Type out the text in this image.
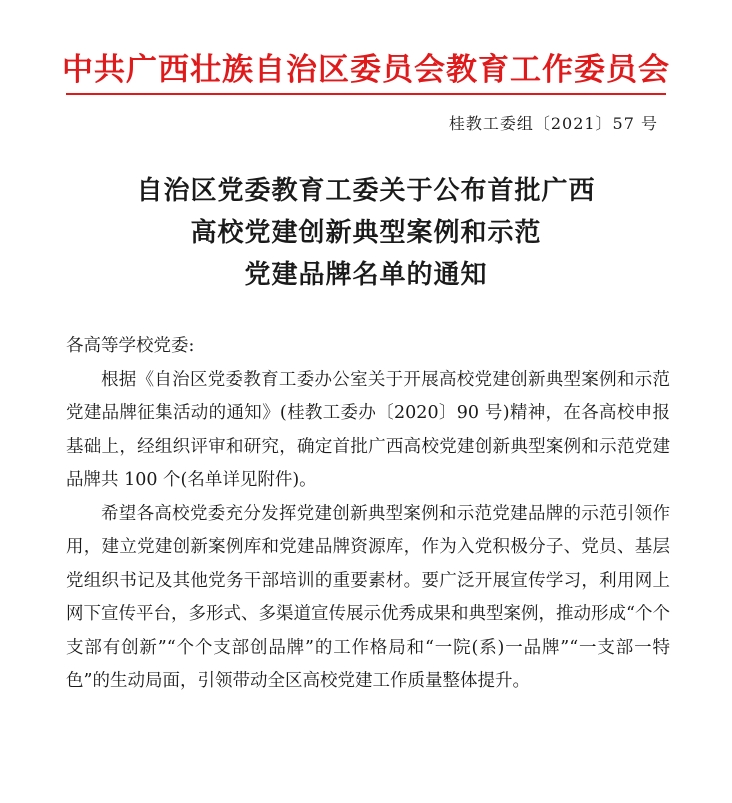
中共广西壮族自治区委员会教育工作委员会
桂教工委组〔2021〕57 号
自治区党委教育工委关于公布首批广西
高校党建创新典型案例和示范
党建品牌名单的通知

各高等学校党委:

根据《自治区党委教育工委办公室关于开展高校党建创新典型案例和示范党建品牌征集活动的通知》(桂教工委办〔2020〕90 号)精神，在各高校申报基础上，经组织评审和研究，确定首批广西高校党建创新典型案例和示范党建品牌共 100 个(名单详见附件)。

希望各高校党委充分发挥党建创新典型案例和示范党建品牌的示范引领作用，建立党建创新案例库和党建品牌资源库，作为入党积极分子、党员、基层党组织书记及其他党务干部培训的重要素材。要广泛开展宣传学习，利用网上网下宣传平台，多形式、多渠道宣传展示优秀成果和典型案例，推动形成“个个支部有创新”“个个支部创品牌”的工作格局和“一院(系)一品牌”“一支部一特色”的生动局面，引领带动全区高校党建工作质量整体提升。
